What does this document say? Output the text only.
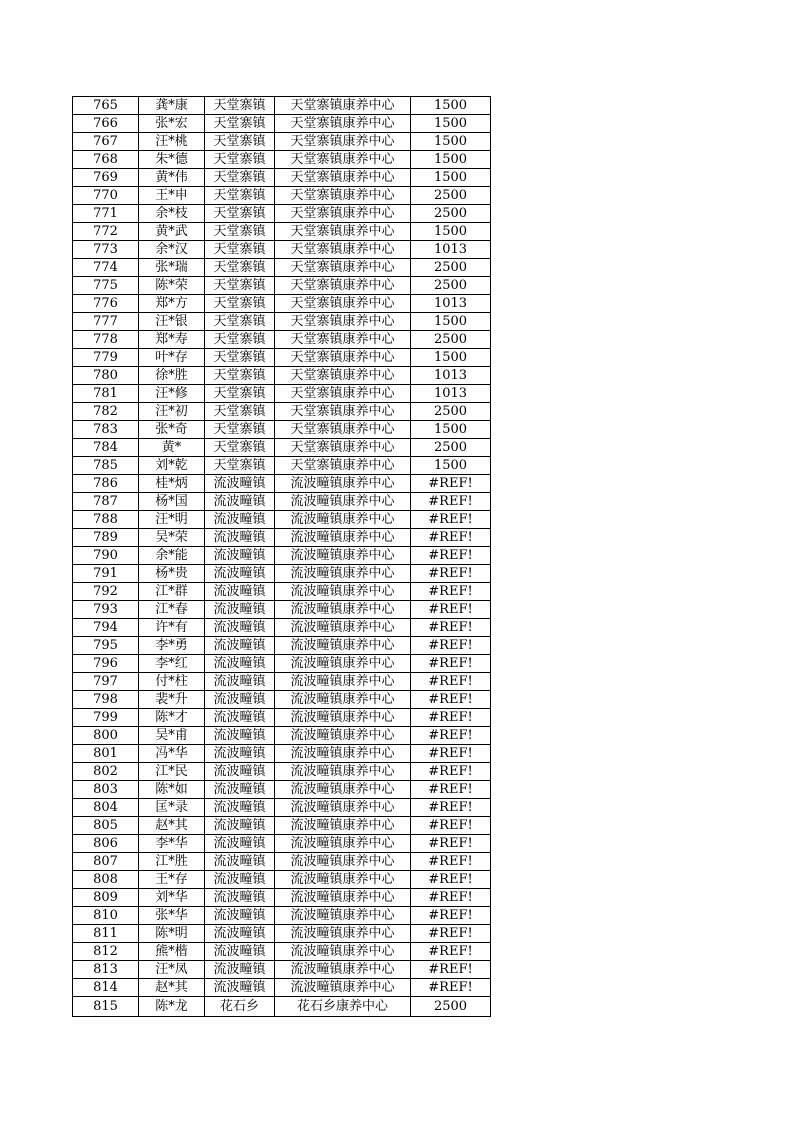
765	龚*康	天堂寨镇	天堂寨镇康养中心	1500
766	张*宏	天堂寨镇	天堂寨镇康养中心	1500
767	汪*桃	天堂寨镇	天堂寨镇康养中心	1500
768	朱*德	天堂寨镇	天堂寨镇康养中心	1500
769	黄*伟	天堂寨镇	天堂寨镇康养中心	1500
770	王*申	天堂寨镇	天堂寨镇康养中心	2500
771	余*枝	天堂寨镇	天堂寨镇康养中心	2500
772	黄*武	天堂寨镇	天堂寨镇康养中心	1500
773	余*汉	天堂寨镇	天堂寨镇康养中心	1013
774	张*瑞	天堂寨镇	天堂寨镇康养中心	2500
775	陈*荣	天堂寨镇	天堂寨镇康养中心	2500
776	郑*方	天堂寨镇	天堂寨镇康养中心	1013
777	汪*银	天堂寨镇	天堂寨镇康养中心	1500
778	郑*寿	天堂寨镇	天堂寨镇康养中心	2500
779	叶*存	天堂寨镇	天堂寨镇康养中心	1500
780	徐*胜	天堂寨镇	天堂寨镇康养中心	1013
781	汪*修	天堂寨镇	天堂寨镇康养中心	1013
782	汪*初	天堂寨镇	天堂寨镇康养中心	2500
783	张*奇	天堂寨镇	天堂寨镇康养中心	1500
784	黄*	天堂寨镇	天堂寨镇康养中心	2500
785	刘*乾	天堂寨镇	天堂寨镇康养中心	1500
786	桂*炳	流波疃镇	流波疃镇康养中心	#REF!
787	杨*国	流波疃镇	流波疃镇康养中心	#REF!
788	汪*明	流波疃镇	流波疃镇康养中心	#REF!
789	吴*荣	流波疃镇	流波疃镇康养中心	#REF!
790	余*能	流波疃镇	流波疃镇康养中心	#REF!
791	杨*贵	流波疃镇	流波疃镇康养中心	#REF!
792	江*群	流波疃镇	流波疃镇康养中心	#REF!
793	江*春	流波疃镇	流波疃镇康养中心	#REF!
794	许*有	流波疃镇	流波疃镇康养中心	#REF!
795	李*勇	流波疃镇	流波疃镇康养中心	#REF!
796	李*红	流波疃镇	流波疃镇康养中心	#REF!
797	付*柱	流波疃镇	流波疃镇康养中心	#REF!
798	裴*升	流波疃镇	流波疃镇康养中心	#REF!
799	陈*才	流波疃镇	流波疃镇康养中心	#REF!
800	吴*甫	流波疃镇	流波疃镇康养中心	#REF!
801	冯*华	流波疃镇	流波疃镇康养中心	#REF!
802	江*民	流波疃镇	流波疃镇康养中心	#REF!
803	陈*如	流波疃镇	流波疃镇康养中心	#REF!
804	匡*录	流波疃镇	流波疃镇康养中心	#REF!
805	赵*其	流波疃镇	流波疃镇康养中心	#REF!
806	李*华	流波疃镇	流波疃镇康养中心	#REF!
807	江*胜	流波疃镇	流波疃镇康养中心	#REF!
808	王*存	流波疃镇	流波疃镇康养中心	#REF!
809	刘*华	流波疃镇	流波疃镇康养中心	#REF!
810	张*华	流波疃镇	流波疃镇康养中心	#REF!
811	陈*明	流波疃镇	流波疃镇康养中心	#REF!
812	熊*楷	流波疃镇	流波疃镇康养中心	#REF!
813	汪*凤	流波疃镇	流波疃镇康养中心	#REF!
814	赵*其	流波疃镇	流波疃镇康养中心	#REF!
815	陈*龙	花石乡	花石乡康养中心	2500
